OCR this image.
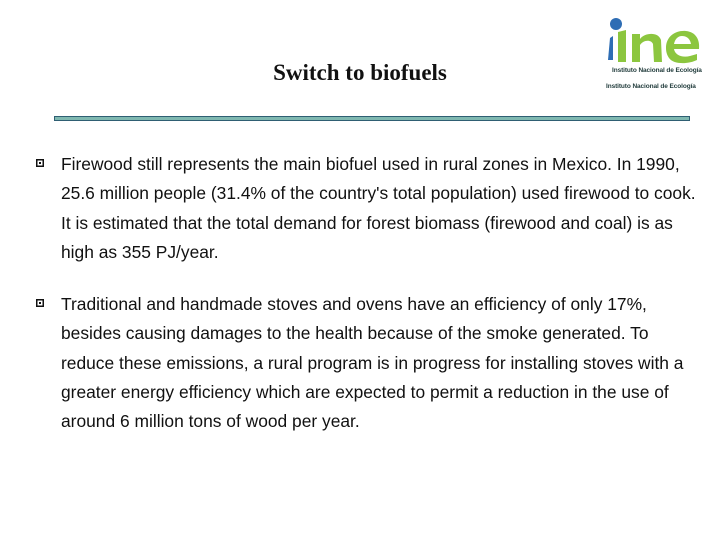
Instituto Nacional de Ecología
Instituto Nacional de Ecología
Switch to biofuels
Firewood still represents the main biofuel used in rural zones in Mexico. In 1990, 25.6 million people (31.4% of the country's total population) used firewood to cook. It is estimated that the total demand for forest biomass (firewood and coal) is as high as 355 PJ/year.
Traditional and handmade stoves and ovens have an efficiency of only 17%, besides causing damages to the health because of the smoke generated. To reduce these emissions, a rural program is in progress for installing stoves with a greater energy efficiency which are expected to permit a reduction in the use of around 6 million tons of wood per year.
